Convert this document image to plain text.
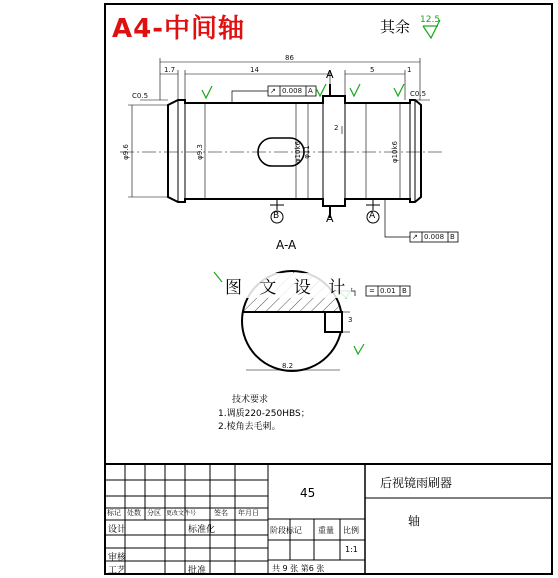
A4-中间轴	其余 12.5
86
14
1.7	5	1
C0.5	C0.5
φ9.6	φ9.3	φ11
φ10k6	φ10k6
2
8.2
3
↗ 0.008 A
↗ 0.008 B
= 0.01 B
B	A
A
A
A-A
图 文 设 计
技术要求
1.调质220-250HBS；
2.棱角去毛刺。
45
后视镜雨刷器
轴
标记 处数 分区 更改文件号	签名 年月日
设计	标准化
审核
工艺	批准
阶段标记 重量 比例
1:1
共 9 张 第6 张
